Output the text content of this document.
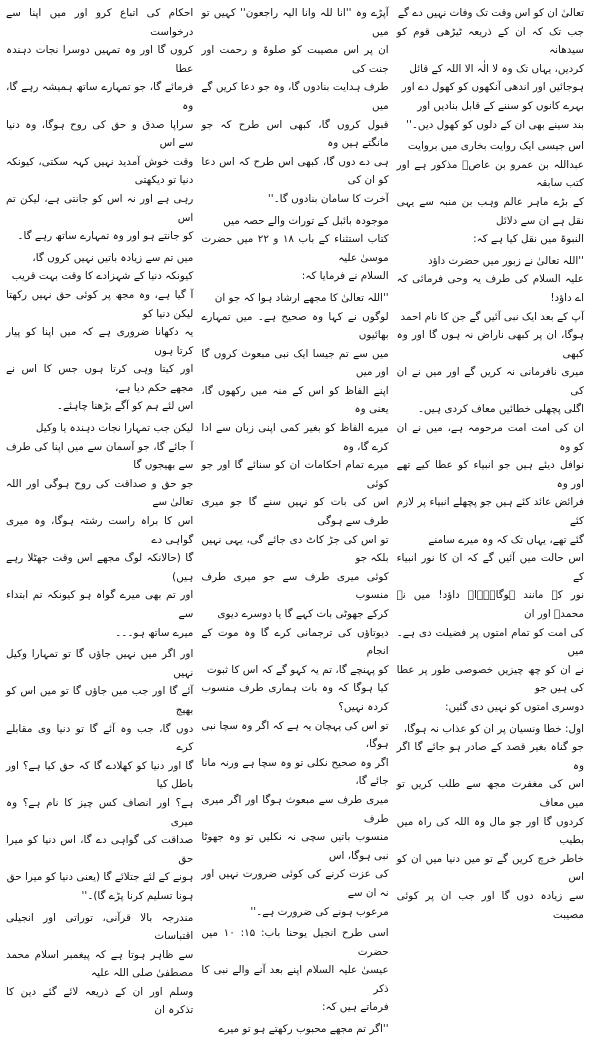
احکام کی اتباع کرو اور میں اپنا سے درخواست
کروں گا اور وہ تمہیں دوسرا نجات دہندہ عطا
فرمائے گا، جو تمہارے ساتھ ہمیشہ رہے گا، وہ
سراپا صدق و حق کی روح ہوگا، وہ دنیا سے اس
وقت خوش آمدید نہیں کہہ سکتی، کیونکہ دنیا تو دیکھتی
رہی ہے اور نہ اس کو جانتی ہے، لیکن تم اس
کو جانتے ہو اور وہ تمہارے ساتھ رہے گا۔

میں تم سے زیادہ باتیں نہیں کروں گا،
کیونکہ دنیا کے شہزادے کا وقت بہت قریب
آ گیا ہے، وہ مجھ پر کوئی حق نہیں رکھتا لیکن دنیا کو
یہ دکھانا ضروری ہے کہ میں اپنا کو پیار کرتا ہوں
اور کیتا وہی کرتا ہوں جس کا اس نے مجھے حکم دیا ہے،
اس لئے ہم کو آگے بڑھنا چاہئے۔

لیکن جب تمہارا نجات دہندہ یا وکیل
آ جائے گا، جو آسمان سے میں اپنا کی طرف سے بھیجوں گا
جو حق و صداقت کی روح ہوگی اور اللہ تعالیٰ سے
اس کا براہ راست رشتہ ہوگا، وہ میری گواہی دے
گا (حالانکہ لوگ مجھے اس وقت جھٹلا رہے ہیں)
اور تم بھی میرے گواہ ہو کیونکہ تم ابتداء سے
میرے ساتھ ہو۔۔۔

اور اگر میں نہیں جاؤں گا تو تمہارا وکیل نہیں
آئے گا اور جب میں جاؤں گا تو میں اس کو بھیج
دوں گا، جب وہ آئے گا تو دنیا وی مقابلے کرے
گا اور دنیا کو کھلادے گا کہ حق کیا ہے؟ اور باطل کیا
ہے؟ اور انصاف کس چیز کا نام ہے؟ وہ میری
صداقت کی گواہی دے گا، اس دنیا کو میرا حق
ہونے کے لئے جتلائے گا (یعنی دنیا کو میرا حق
ہونا تسلیم کرنا پڑے گا)۔''

مندرجہ بالا قرآنی، توراتی اور انجیلی اقتباسات
سے ظاہر ہوتا ہے کہ پیغمبر اسلام محمد مصطفیٰ صلی اللہ علیہ
وسلم اور ان کے ذریعہ لائے گئے دین کا تذکرہ ان

آپڑے وہ ''انا للہ وانا الیہ راجعون'' کہیں تو میں
ان پر اس مصیبت کو صلوۃ و رحمت اور جنت کی
طرف ہدایت بنادوں گا، وہ جو دعا کریں گے میں
قبول کروں گا، کبھی اس طرح کہ جو مانگتے ہیں وہ
ہی دے دوں گا، کبھی اس طرح کہ اس دعا کو ان کی
آخرت کا سامان بنادوں گا۔''

موجودہ بائبل کے تورات والے حصہ میں
کتاب استثناء کے باب ۱۸ و ۲۲ میں حضرت موسیٰ علیہ
السلام نے فرمایا کہ:

''اللہ تعالیٰ کا مجھے ارشاد ہوا کہ جو ان
لوگوں نے کہا وہ صحیح ہے۔ میں تمہارے بھائیوں
میں سے تم جیسا ایک نبی مبعوث کروں گا اور میں
اپنے الفاظ کو اس کے منہ میں رکھوں گا، یعنی وہ
میرے الفاظ کو بغیر کمی اپنی زبان سے ادا کرے گا، وہ
میرے تمام احکامات ان کو سنائے گا اور جو کوئی
اس کی بات کو نہیں سنے گا جو میری طرف سے ہوگی
تو اس کی جڑ کاٹ دی جائے گی، یہی نہیں بلکہ جو
کوئی میری طرف سے جو میری طرف منسوب
کرکے جھوٹی بات کہے گا یا دوسرے دیوی
دیوتاؤں کی ترجمانی کرے گا وہ موت کے انجام
کو پہنچے گا، تم یہ کہو گے کہ اس کا ثبوت
کیا ہوگا کہ وہ بات ہماری طرف منسوب کردہ نہیں؟
تو اس کی پہچان یہ ہے کہ اگر وہ سچا نبی ہوگا،
اگر وہ صحیح نکلی تو وہ سچا ہے ورنہ مانا جائے گا،
میری طرف سے مبعوث ہوگا اور اگر میری طرف
منسوب باتیں سچی نہ نکلیں تو وہ جھوٹا نبی ہوگا، اس
کی عزت کرنے کی کوئی ضرورت نہیں اور نہ ان سے
مرعوب ہونے کی ضرورت ہے۔''

اسی طرح انجیل یوحنا باب: ۱۵: ۱۰ میں حضرت
عیسیٰ علیہ السلام اپنے بعد آنے والے نبی کا ذکر
فرماتے ہیں کہ:

''اگر تم مجھے محبوب رکھتے ہو تو میرے

تعالیٰ ان کو اس وقت تک وفات نہیں دے گے
جب تک کہ ان کے ذریعہ ٹیڑھی قوم کو سیدھانہ
کردیں، یہاں تک وہ لا الٰہ الا اللہ کے قائل
ہوجائیں اور اندھی آنکھوں کو کھول دے اور
بہرے کانوں کو سننے کے قابل بنادیں اور
بند سینے بھی ان کے دلوں کو کھول دیں۔''

اس جیسی ایک روایت بخاری میں بروایت
عبداللہ بن عمرو بن عاصؓ مذکور ہے اور کتب سابقہ
کے بڑے ماہر عالم وہب بن منبہ سے یہی نقل ہے ان سے دلائل
النبوۃ میں نقل کیا ہے کہ:

''اللہ تعالیٰ نے زبور میں حضرت داؤد
علیہ السلام کی طرف یہ وحی فرمائی کہ اے داؤد!
آپ کے بعد ایک نبی آئیں گے جن کا نام احمد
ہوگا، ان پر کبھی ناراض نہ ہوں گا اور وہ کبھی
میری نافرمانی نہ کریں گے اور میں نے ان کی
اگلی پچھلی خطائیں معاف کردی ہیں۔
ان کی امت امت مرحومہ ہے، میں نے ان کو وہ
نوافل دیئے ہیں جو انبیاء کو عطا کیے تھے اور وہ
فرائض عائد کئے ہیں جو پچھلے انبیاء پر لازم کئے
گئے تھے، یہاں تک کہ وہ میرے سامنے
اس حالت میں آئیں گے کہ ان کا نور انبیاء کے
نور کے مانند ہوگا۔۔۔اے داؤد! میں نے محمدؐ اور ان
کی امت کو تمام امتوں پر فضیلت دی ہے۔ میں
نے ان کو چھ چیزیں خصوصی طور پر عطا کی ہیں جو
دوسری امتوں کو نہیں دی گئیں:

اول: خطا ونسیان پر ان کو عذاب نہ ہوگا،
جو گناہ بغیر قصد کے صادر ہو جائے گا اگر وہ
اس کی مغفرت مجھ سے طلب کریں تو میں معاف
کردوں گا اور جو مال وہ اللہ کی راہ میں بطیب
خاطر خرچ کریں گے تو میں دنیا میں ان کو اس
سے زیادہ دوں گا اور جب ان پر کوئی مصیبت
